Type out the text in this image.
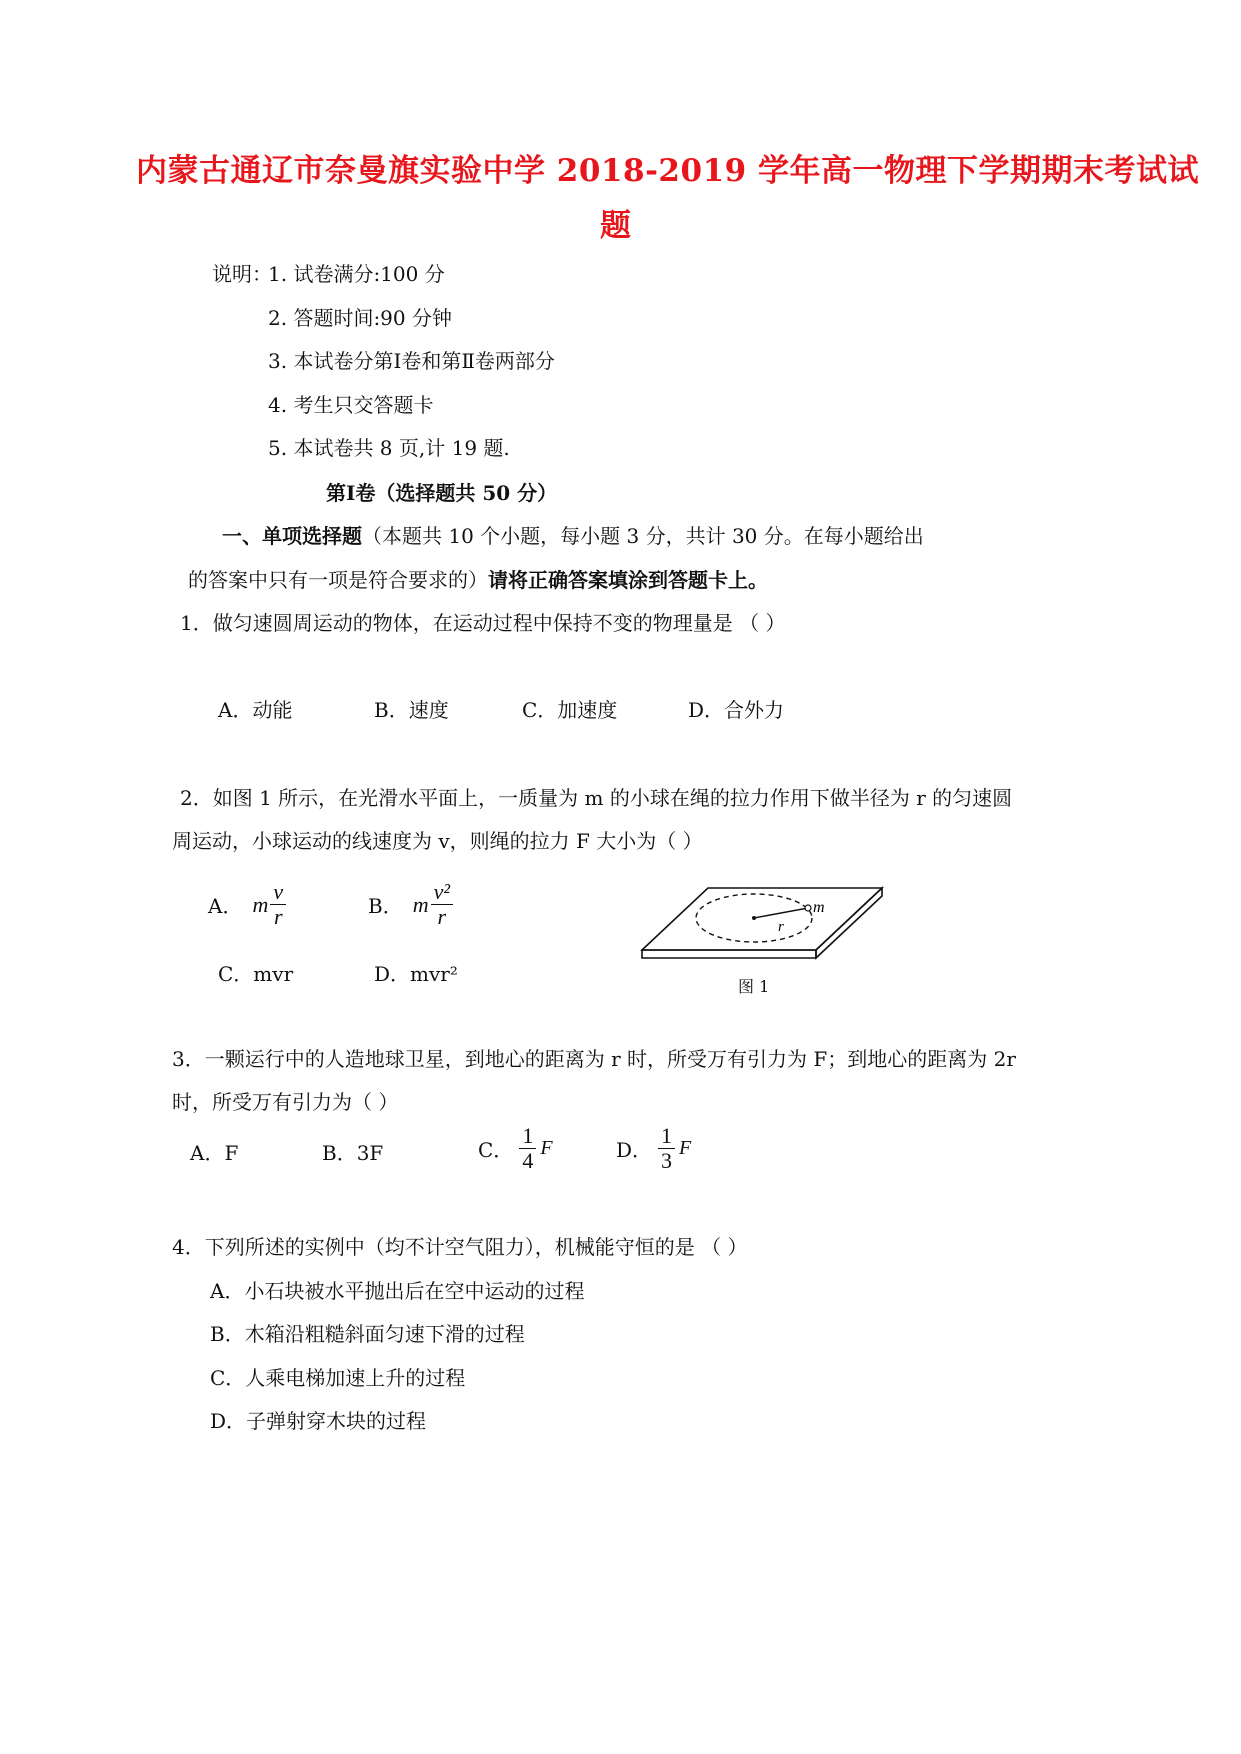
内蒙古通辽市奈曼旗实验中学 2018-2019 学年高一物理下学期期末考试试
题
说明：
1. 试卷满分:100 分
2. 答题时间:90 分钟
3. 本试卷分第Ⅰ卷和第Ⅱ卷两部分
4. 考生只交答题卡
5. 本试卷共 8 页,计 19 题.
第Ⅰ卷（选择题共 50 分）
一、单项选择题（本题共 10 个小题，每小题 3 分，共计 30 分。在每小题给出
的答案中只有一项是符合要求的）请将正确答案填涂到答题卡上。
1．做匀速圆周运动的物体，在运动过程中保持不变的物理量是 （ ）
A．动能	B．速度	C．加速度	D．合外力
2．如图 1 所示，在光滑水平面上，一质量为 m 的小球在绳的拉力作用下做半径为 r 的匀速圆
周运动，小球运动的线速度为 v，则绳的拉力 F 大小为（ ）
A． m $\frac{v}{r}$	B． m $\frac{\text{v²}}{r}$
C．mvr	D．mvr²
m
r
图 1
3．一颗运行中的人造地球卫星，到地心的距离为 r 时，所受万有引力为 F；到地心的距离为 2r
时，所受万有引力为（ ）
A．F	B．3F	C． $\frac{1}{4}$ F	D． $\frac{1}{3}$ F
4．下列所述的实例中（均不计空气阻力），机械能守恒的是 （ ）
A．小石块被水平抛出后在空中运动的过程
B．木箱沿粗糙斜面匀速下滑的过程
C．人乘电梯加速上升的过程
D．子弹射穿木块的过程
